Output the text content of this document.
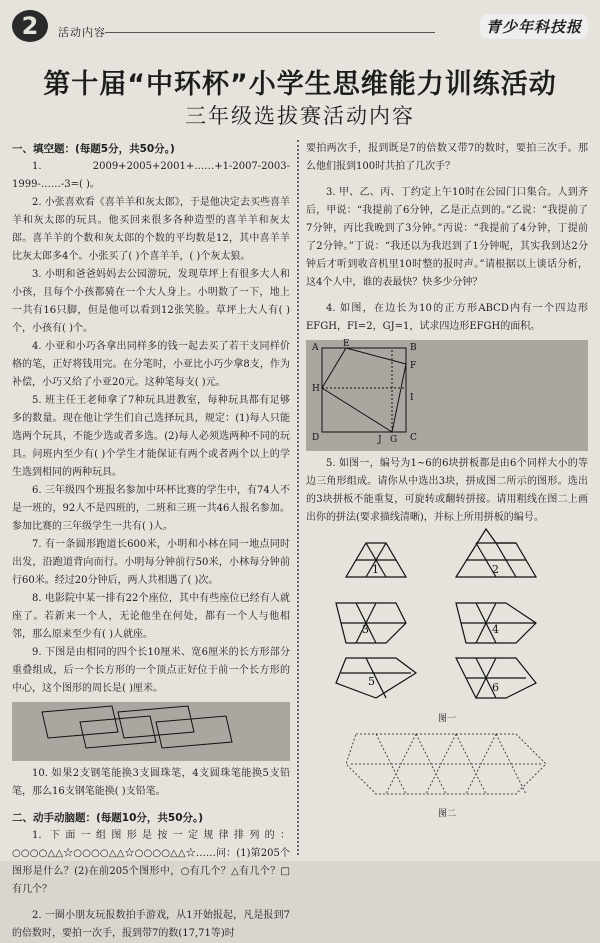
2 活动内容	青少年科技报
第十届“中环杯”小学生思维能力训练活动
三年级选拔赛活动内容

一、填空题：(每题5分，共50分。)

1. 2009+2005+2001+……+1-2007-2003-1999-……-3=( )。

2. 小张喜欢看《喜羊羊和灰太郎》，于是他决定去买些喜羊羊和灰太郎的玩具。他买回来很多各种造型的喜羊羊和灰太郎。喜羊羊的个数和灰太郎的个数的平均数是12，其中喜羊羊比灰太郎多4个。小张买了( )个喜羊羊，( )个灰太狼。

3. 小明和爸爸妈妈去公园游玩，发现草坪上有很多大人和小孩，且每个小孩都骑在一个大人身上。小明数了一下，地上一共有16只脚，但是他可以看到12张笑脸。草坪上大人有( )个，小孩有( )个。

4. 小亚和小巧各拿出同样多的钱一起去买了若干支同样价格的笔，正好将钱用完。在分笔时，小亚比小巧少拿8支，作为补偿，小巧又给了小亚20元。这种笔每支( )元。

5. 班主任王老师拿了7种玩具进教室，每种玩具都有足够多的数量。现在他让学生们自己选择玩具，规定：(1)每人只能选两个玩具，不能少选或者多选。(2)每人必须选两种不同的玩具。问班内至少有( )个学生才能保证有两个或者两个以上的学生选到相同的两种玩具。

6. 三年级四个班报名参加中环杯比赛的学生中，有74人不是一班的，92人不是四班的，二班和三班一共46人报名参加。参加比赛的三年级学生一共有( )人。

7. 有一条圆形跑道长600米，小明和小林在同一地点同时出发，沿跑道背向而行。小明每分钟前行50米，小林每分钟前行60米。经过20分钟后，两人共相遇了( )次。

8. 电影院中某一排有22个座位，其中有些座位已经有人就座了。若新来一个人，无论他坐在何处，都有一个人与他相邻，那么原来至少有( )人就座。

9. 下图是由相同的四个长10厘米、宽6厘米的长方形部分重叠组成，后一个长方形的一个顶点正好位于前一个长方形的中心，这个图形的周长是( )厘米。

10. 如果2支钢笔能换3支圆珠笔，4支圆珠笔能换5支铅笔，那么16支钢笔能换( )支铅笔。

二、动手动脑题：(每题10分，共50分。)

1. 下面一组图形是按一定规律排列的：○○○○△△☆○○○○△△☆○○○○△△☆……问：(1)第205个图形是什么？(2)在前205个图形中，○有几个？△有几个？□有几个？

2. 一圈小朋友玩报数拍手游戏，从1开始报起，凡是报到7的倍数时，要拍一次手，报到带7的数(17,71等)时

要拍两次手，报到既是7的倍数又带7的数时，要拍三次手。那么他们报到100时共拍了几次手？

3. 甲、乙、丙、丁约定上午10时在公园门口集合。人到齐后，甲说：“我提前了6分钟，乙是正点到的。”乙说：“我提前了7分钟，丙比我晚到了3分钟。”丙说：“我提前了4分钟，丁提前了2分钟。”丁说：“我还以为我迟到了1分钟呢，其实我到达2分钟后才听到收音机里10时整的报时声。”请根据以上谈话分析，这4个人中，谁的表最快？快多少分钟？

4. 如图，在边长为10的正方形ABCD内有一个四边形EFGH，FI=2，GJ=1，试求四边形EFGH的面积。

A	E	B
F
H
D	J G C
I

5. 如图一，编号为1~6的6块拼板都是由6个同样大小的等边三角形组成。请你从中选出3块，拼成图二所示的图形。选出的3块拼板不能重复，可旋转或翻转拼接。请用粗线在图二上画出你的拼法(要求描线清晰)，并标上所用拼板的编号。

1	2
3	4
5	6
图一
图二
